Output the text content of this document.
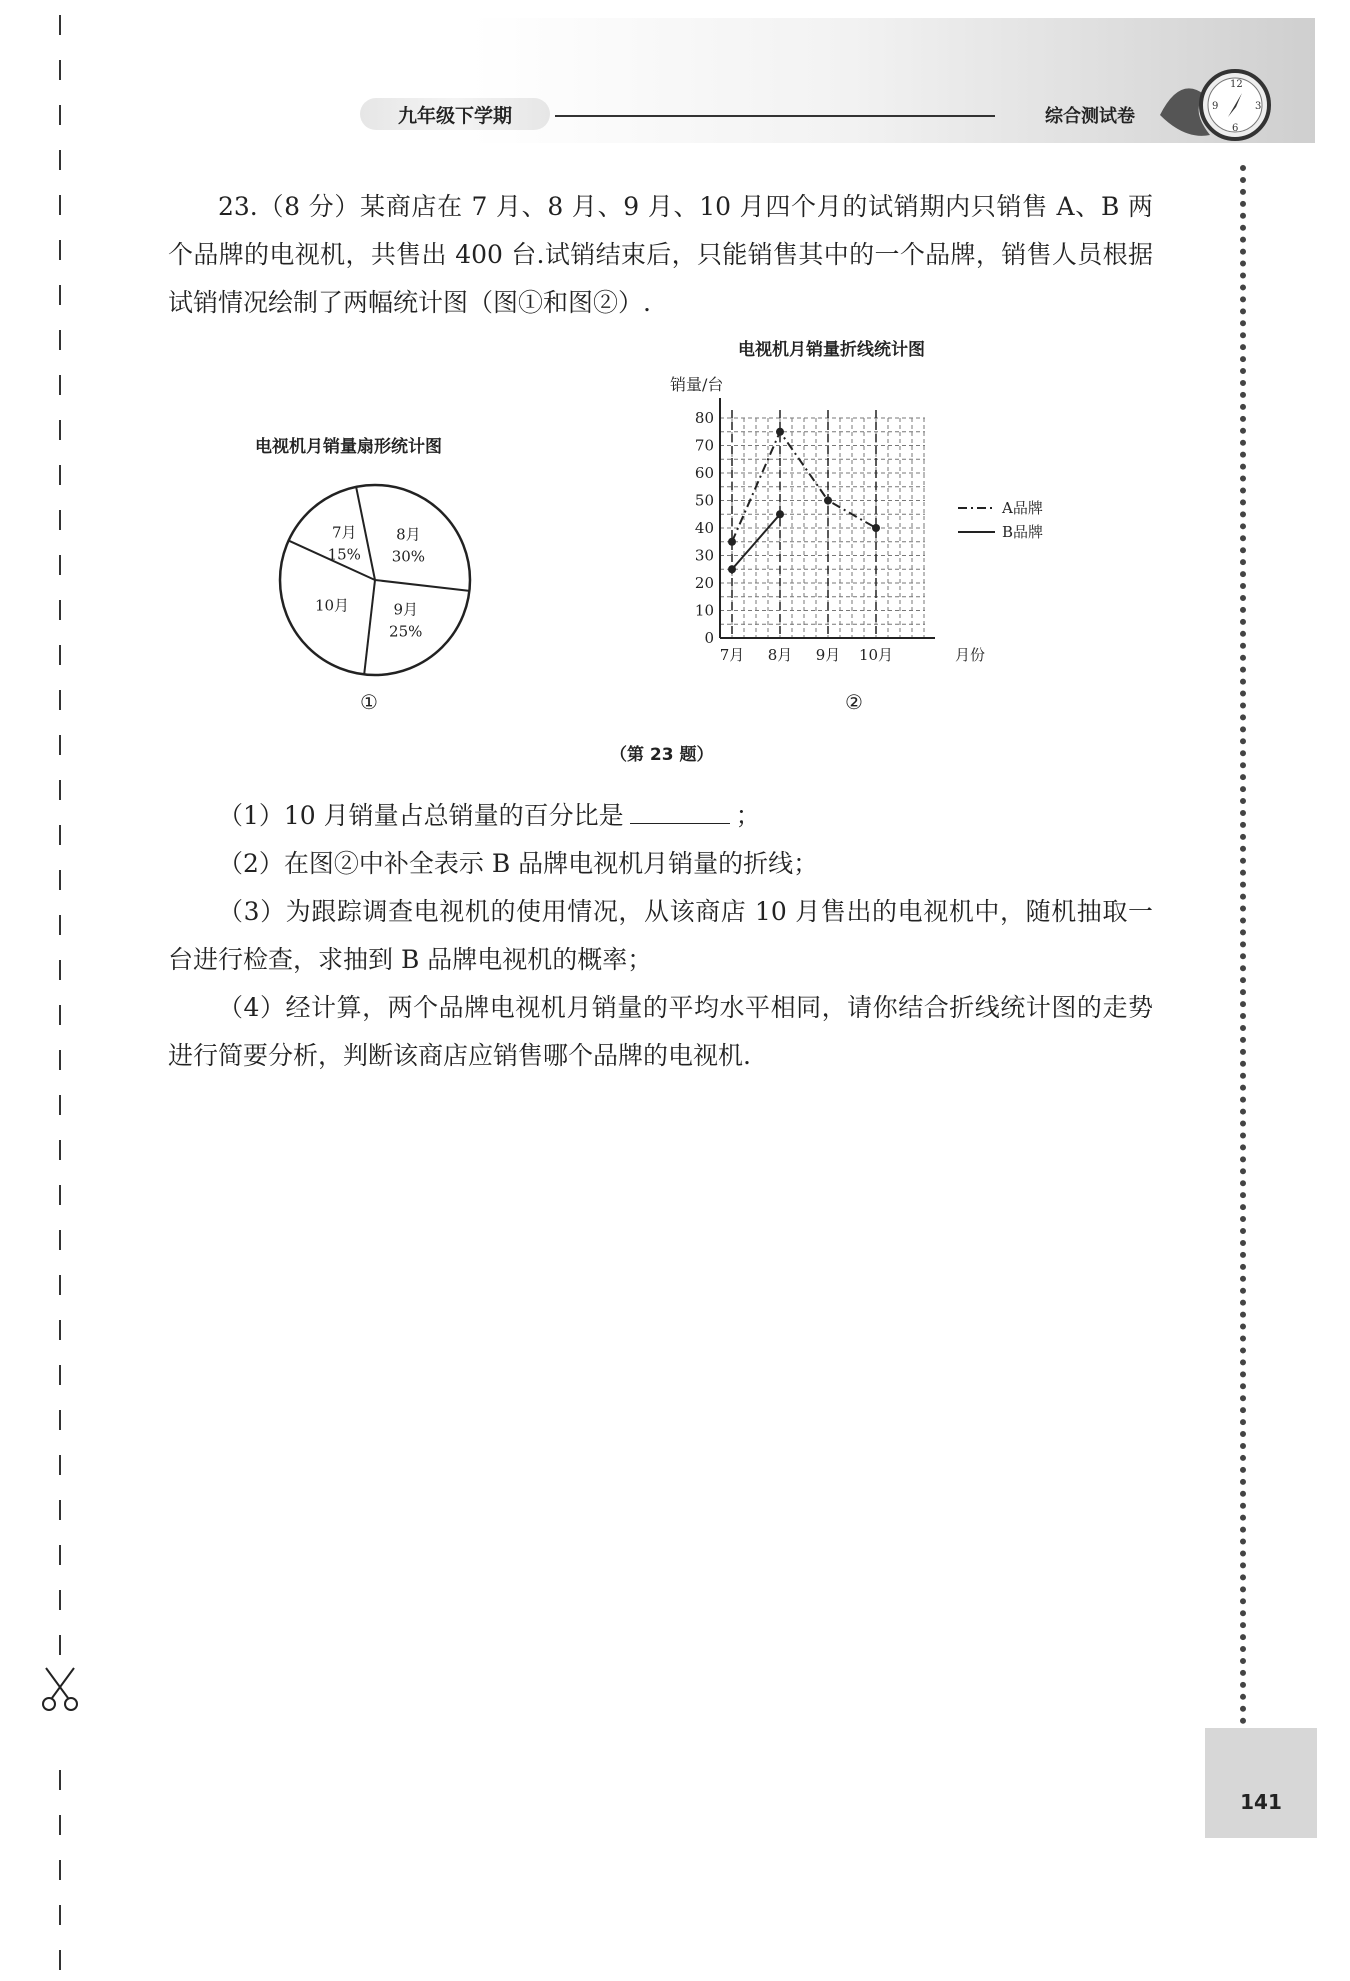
九年级下学期	综合测试卷
12
3
6
9
23.（8 分）某商店在 7 月、8 月、9 月、10 月四个月的试销期内只销售 A、B 两个品牌的电视机，共售出 400 台.试销结束后，只能销售其中的一个品牌，销售人员根据试销情况绘制了两幅统计图（图①和图②）.
电视机月销量扇形统计图
8月
30%
9月
25%
10月
7月
15%
①
电视机月销量折线统计图
0
10
20
30
40
50
60
70
80
销量/台
7月 8月 9月 10月	月份
A品牌
B品牌
②
（第 23 题）
（1）10 月销量占总销量的百分比是	；
（2）在图②中补全表示 B 品牌电视机月销量的折线；
（3）为跟踪调查电视机的使用情况，从该商店 10 月售出的电视机中，随机抽取一台进行检查，求抽到 B 品牌电视机的概率；
（4）经计算，两个品牌电视机月销量的平均水平相同，请你结合折线统计图的走势进行简要分析，判断该商店应销售哪个品牌的电视机.
141
